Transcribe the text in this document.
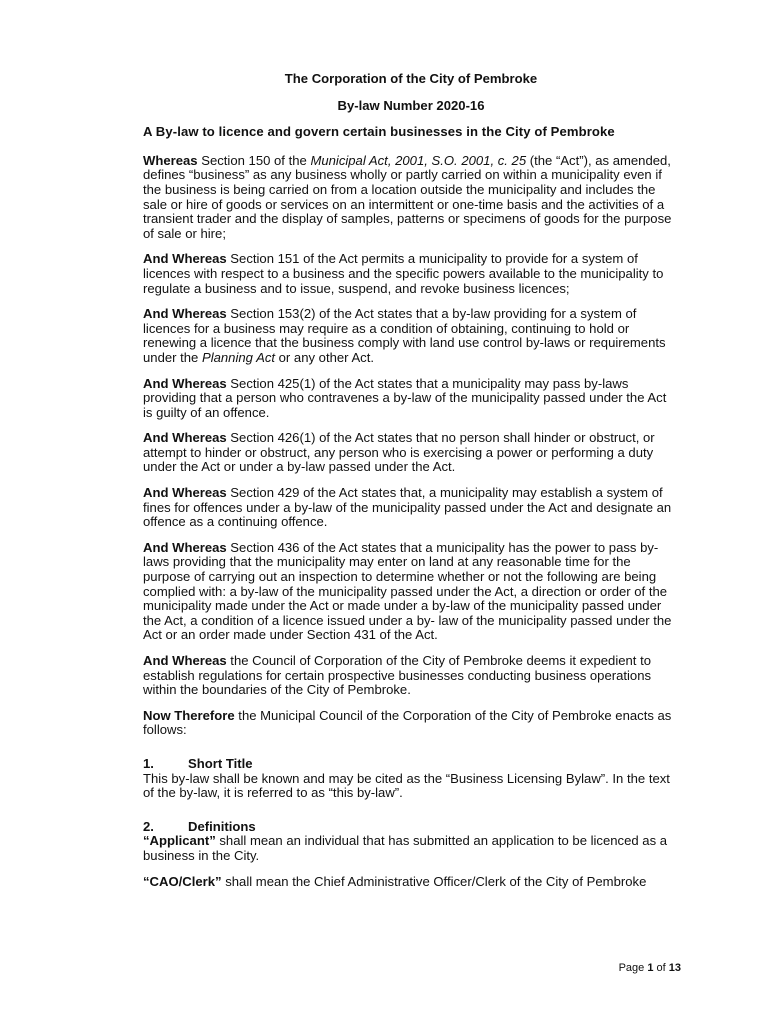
The Corporation of the City of Pembroke
By-law Number 2020-16
A By-law to licence and govern certain businesses in the City of Pembroke

Whereas Section 150 of the Municipal Act, 2001, S.O. 2001, c. 25 (the “Act”), as amended, defines “business” as any business wholly or partly carried on within a municipality even if the business is being carried on from a location outside the municipality and includes the sale or hire of goods or services on an intermittent or one-time basis and the activities of a transient trader and the display of samples, patterns or specimens of goods for the purpose of sale or hire;

And Whereas Section 151 of the Act permits a municipality to provide for a system of licences with respect to a business and the specific powers available to the municipality to regulate a business and to issue, suspend, and revoke business licences;

And Whereas Section 153(2) of the Act states that a by-law providing for a system of licences for a business may require as a condition of obtaining, continuing to hold or renewing a licence that the business comply with land use control by-laws or requirements under the Planning Act or any other Act.

And Whereas Section 425(1) of the Act states that a municipality may pass by-laws providing that a person who contravenes a by-law of the municipality passed under the Act is guilty of an offence.

And Whereas Section 426(1) of the Act states that no person shall hinder or obstruct, or attempt to hinder or obstruct, any person who is exercising a power or performing a duty under the Act or under a by-law passed under the Act.

And Whereas Section 429 of the Act states that, a municipality may establish a system of fines for offences under a by-law of the municipality passed under the Act and designate an offence as a continuing offence.

And Whereas Section 436 of the Act states that a municipality has the power to pass by-laws providing that the municipality may enter on land at any reasonable time for the purpose of carrying out an inspection to determine whether or not the following are being complied with: a by-law of the municipality passed under the Act, a direction or order of the municipality made under the Act or made under a by-law of the municipality passed under the Act, a condition of a licence issued under a by- law of the municipality passed under the Act or an order made under Section 431 of the Act.

And Whereas the Council of Corporation of the City of Pembroke deems it expedient to establish regulations for certain prospective businesses conducting business operations within the boundaries of the City of Pembroke.

Now Therefore the Municipal Council of the Corporation of the City of Pembroke enacts as follows:

1.	Short Title

This by-law shall be known and may be cited as the “Business Licensing Bylaw”. In the text of the by-law, it is referred to as “this by-law”.

2.	Definitions

“Applicant” shall mean an individual that has submitted an application to be licenced as a business in the City.

“CAO/Clerk” shall mean the Chief Administrative Officer/Clerk of the City of Pembroke

Page 1 of 13
